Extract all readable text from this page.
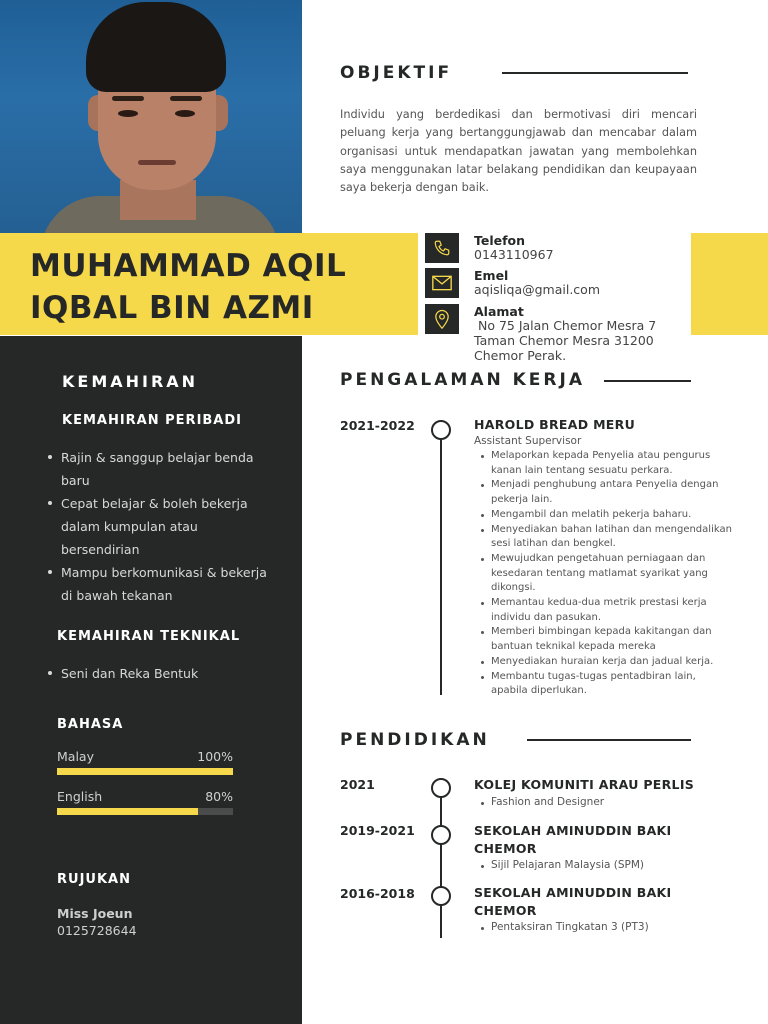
MUHAMMAD AQIL IQBAL BIN AZMI
OBJEKTIF
Individu yang berdedikasi dan bermotivasi diri mencari peluang kerja yang bertanggungjawab dan mencabar dalam organisasi untuk mendapatkan jawatan yang membolehkan saya menggunakan latar belakang pendidikan dan keupayaan saya bekerja dengan baik.
Telefon
0143110967
Emel
aqisliqa@gmail.com
Alamat
No 75 Jalan Chemor Mesra 7
Taman Chemor Mesra 31200
Chemor Perak.
KEMAHIRAN
KEMAHIRAN PERIBADI
Rajin & sanggup belajar benda baru
Cepat belajar & boleh bekerja dalam kumpulan atau bersendirian
Mampu berkomunikasi & bekerja di bawah tekanan
KEMAHIRAN TEKNIKAL
Seni dan Reka Bentuk
BAHASA
Malay	100%
English	80%
RUJUKAN
Miss Joeun
0125728644
PENGALAMAN KERJA
2021-2022	HAROLD BREAD MERU
Assistant Supervisor
Melaporkan kepada Penyelia atau pengurus kanan lain tentang sesuatu perkara.
Menjadi penghubung antara Penyelia dengan pekerja lain.
Mengambil dan melatih pekerja baharu.
Menyediakan bahan latihan dan mengendalikan sesi latihan dan bengkel.
Mewujudkan pengetahuan perniagaan dan kesedaran tentang matlamat syarikat yang dikongsi.
Memantau kedua-dua metrik prestasi kerja individu dan pasukan.
Memberi bimbingan kepada kakitangan dan bantuan teknikal kepada mereka
Menyediakan huraian kerja dan jadual kerja.
Membantu tugas-tugas pentadbiran lain, apabila diperlukan.
PENDIDIKAN
2021	KOLEJ KOMUNITI ARAU PERLIS
Fashion and Designer
2019-2021	SEKOLAH AMINUDDIN BAKI
CHEMOR
Sijil Pelajaran Malaysia (SPM)
2016-2018	SEKOLAH AMINUDDIN BAKI
CHEMOR
Pentaksiran Tingkatan 3 (PT3)
